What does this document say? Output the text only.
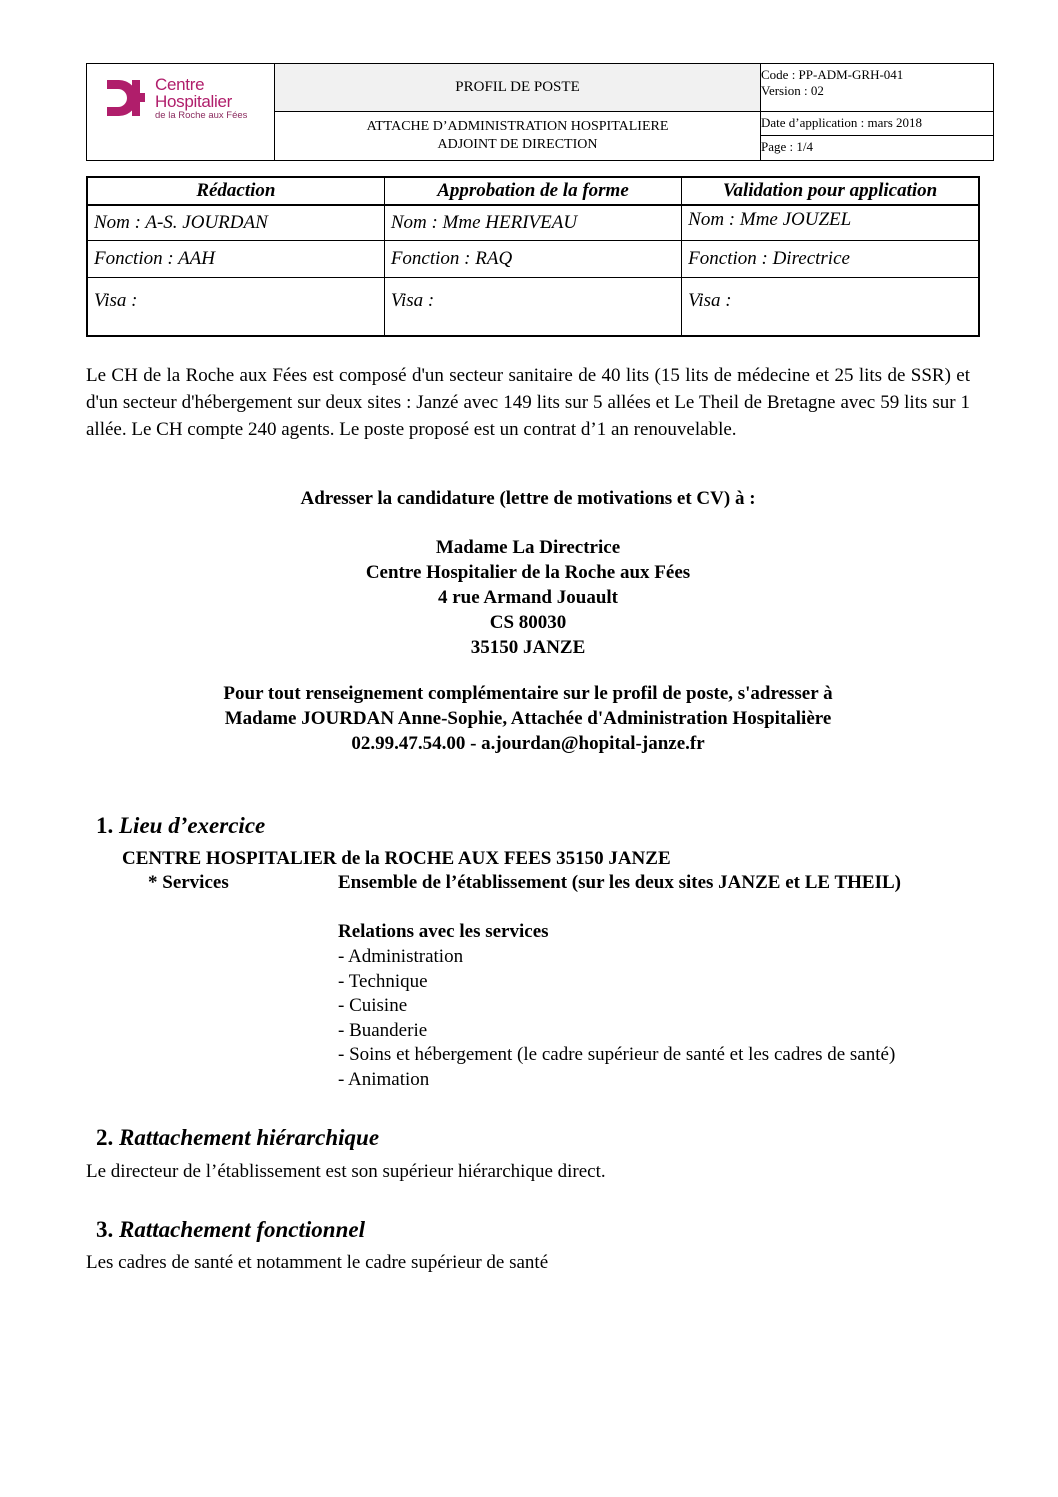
Centre
Hospitalier
de la Roche aux Fées
PROFIL DE POSTE
ATTACHE D’ADMINISTRATION HOSPITALIERE
ADJOINT DE DIRECTION
Code : PP-ADM-GRH-041
Version : 02
Date d’application : mars 2018
Page : 1/4
Rédaction	Approbation de la forme	Validation pour application
Nom : A-S. JOURDAN	Nom : Mme HERIVEAU	Nom : Mme JOUZEL
Fonction : AAH	Fonction : RAQ	Fonction : Directrice
Visa :	Visa :	Visa :

Le CH de la Roche aux Fées est composé d'un secteur sanitaire de 40 lits (15 lits de médecine et 25 lits de SSR) et d'un secteur d'hébergement sur deux sites : Janzé avec 149 lits sur 5 allées et Le Theil de Bretagne avec 59 lits sur 1 allée. Le CH compte 240 agents. Le poste proposé est un contrat d’1 an renouvelable.

Adresser la candidature (lettre de motivations et CV) à :

Madame La Directrice
Centre Hospitalier de la Roche aux Fées
4 rue Armand Jouault
CS 80030
35150 JANZE
Pour tout renseignement complémentaire sur le profil de poste, s'adresser à
Madame JOURDAN Anne-Sophie, Attachée d'Administration Hospitalière
02.99.47.54.00 - a.jourdan@hopital-janze.fr
1. Lieu d’exercice

CENTRE HOSPITALIER de la ROCHE AUX FEES 35150 JANZE

* Services	Ensemble de l’établissement (sur les deux sites JANZE et LE THEIL)
Relations avec les services
- Administration
- Technique
- Cuisine
- Buanderie
- Soins et hébergement (le cadre supérieur de santé et les cadres de santé)
- Animation
2. Rattachement hiérarchique

Le directeur de l’établissement est son supérieur hiérarchique direct.

3. Rattachement fonctionnel

Les cadres de santé et notamment le cadre supérieur de santé
